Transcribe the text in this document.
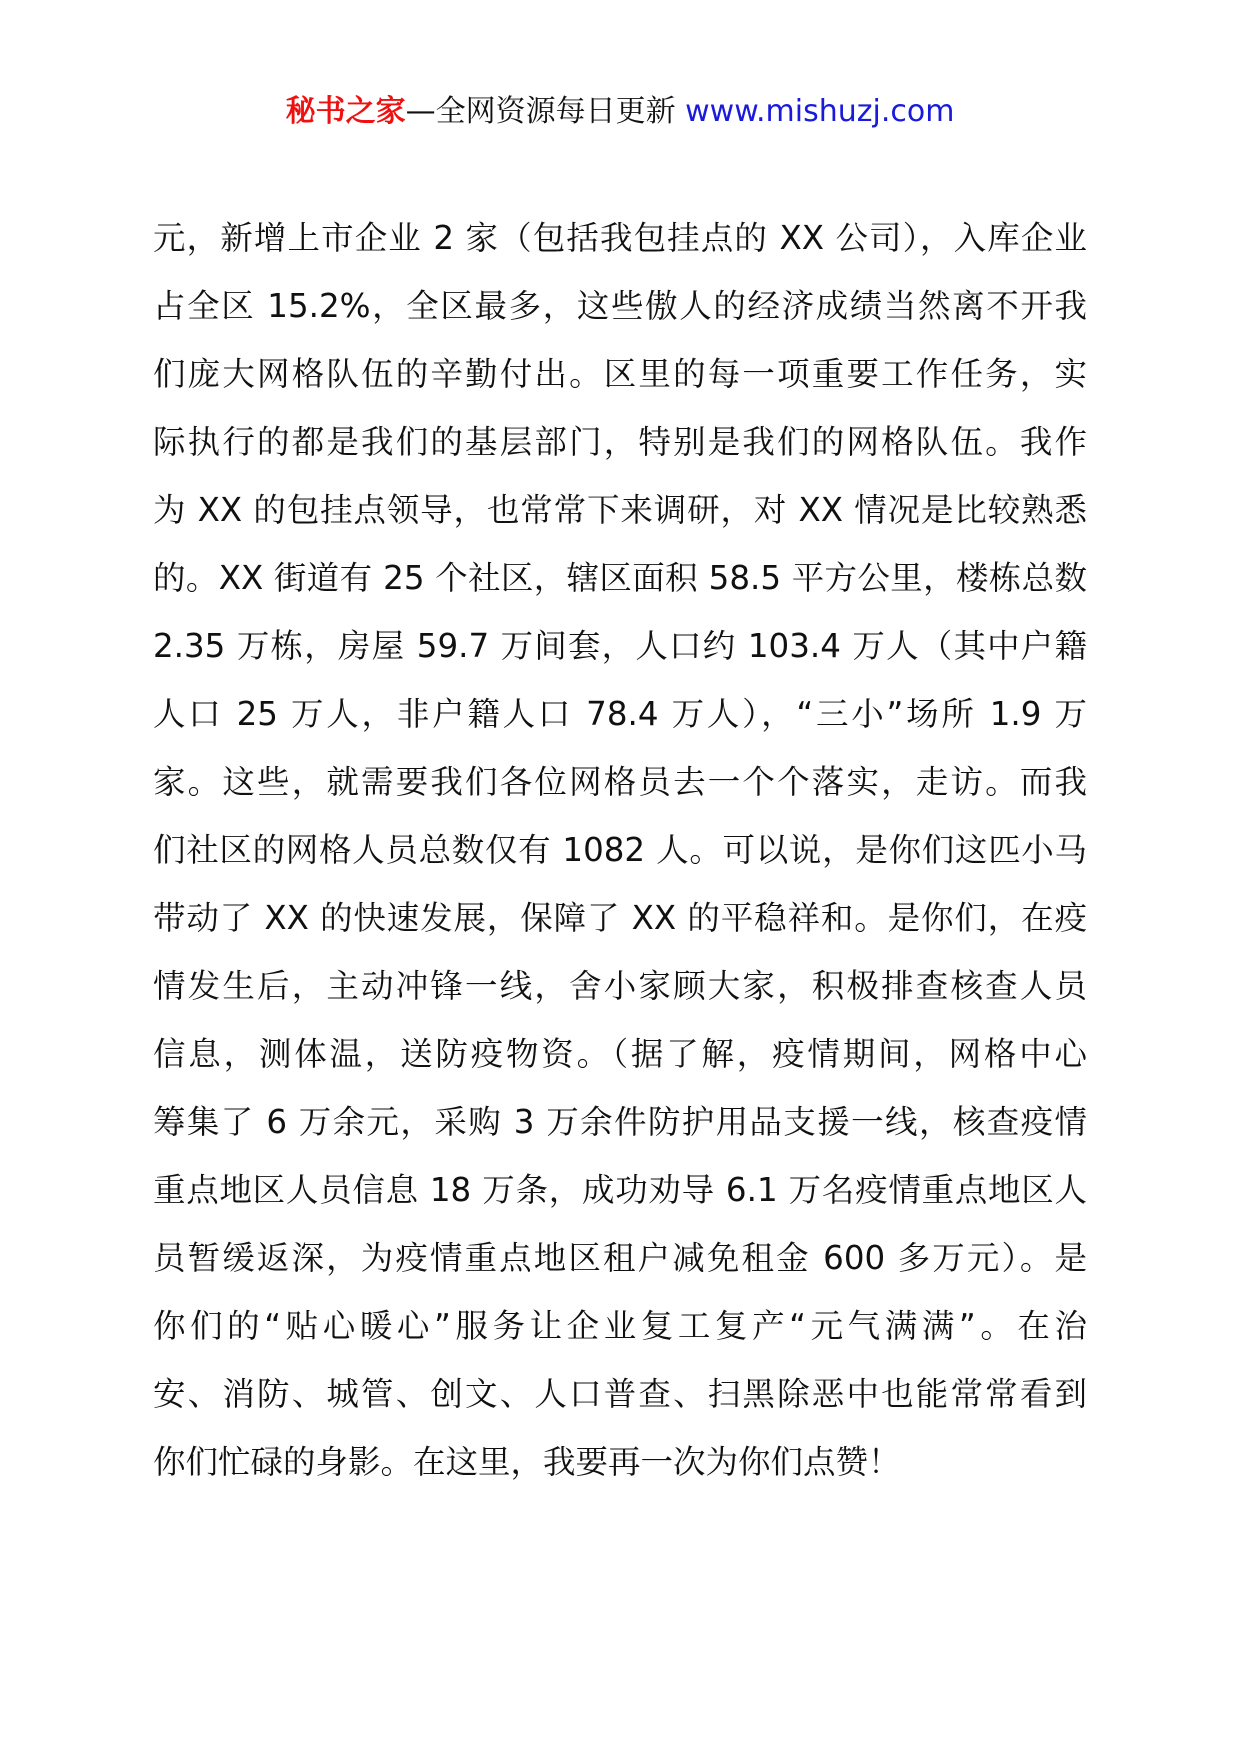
秘书之家—全网资源每日更新 www.mishuzj.com
元，新增上市企业 2 家（包括我包挂点的 XX 公司），入库企业
占全区 15.2%，全区最多，这些傲人的经济成绩当然离不开我
们庞大网格队伍的辛勤付出。区里的每一项重要工作任务，实
际执行的都是我们的基层部门，特别是我们的网格队伍。我作
为 XX 的包挂点领导，也常常下来调研，对 XX 情况是比较熟悉
的。XX 街道有 25 个社区，辖区面积 58.5 平方公里，楼栋总数
2.35 万栋，房屋 59.7 万间套，人口约 103.4 万人（其中户籍
人口 25 万人，非户籍人口 78.4 万人），“三小”场所 1.9 万
家。这些，就需要我们各位网格员去一个个落实，走访。而我
们社区的网格人员总数仅有 1082 人。可以说，是你们这匹小马
带动了 XX 的快速发展，保障了 XX 的平稳祥和。是你们，在疫
情发生后，主动冲锋一线，舍小家顾大家，积极排查核查人员
信息，测体温，送防疫物资。（据了解，疫情期间，网格中心
筹集了 6 万余元，采购 3 万余件防护用品支援一线，核查疫情
重点地区人员信息 18 万条，成功劝导 6.1 万名疫情重点地区人
员暂缓返深，为疫情重点地区租户减免租金 600 多万元）。是
你们的“贴心暖心”服务让企业复工复产“元气满满”。在治
安、消防、城管、创文、人口普查、扫黑除恶中也能常常看到
你们忙碌的身影。在这里，我要再一次为你们点赞！
